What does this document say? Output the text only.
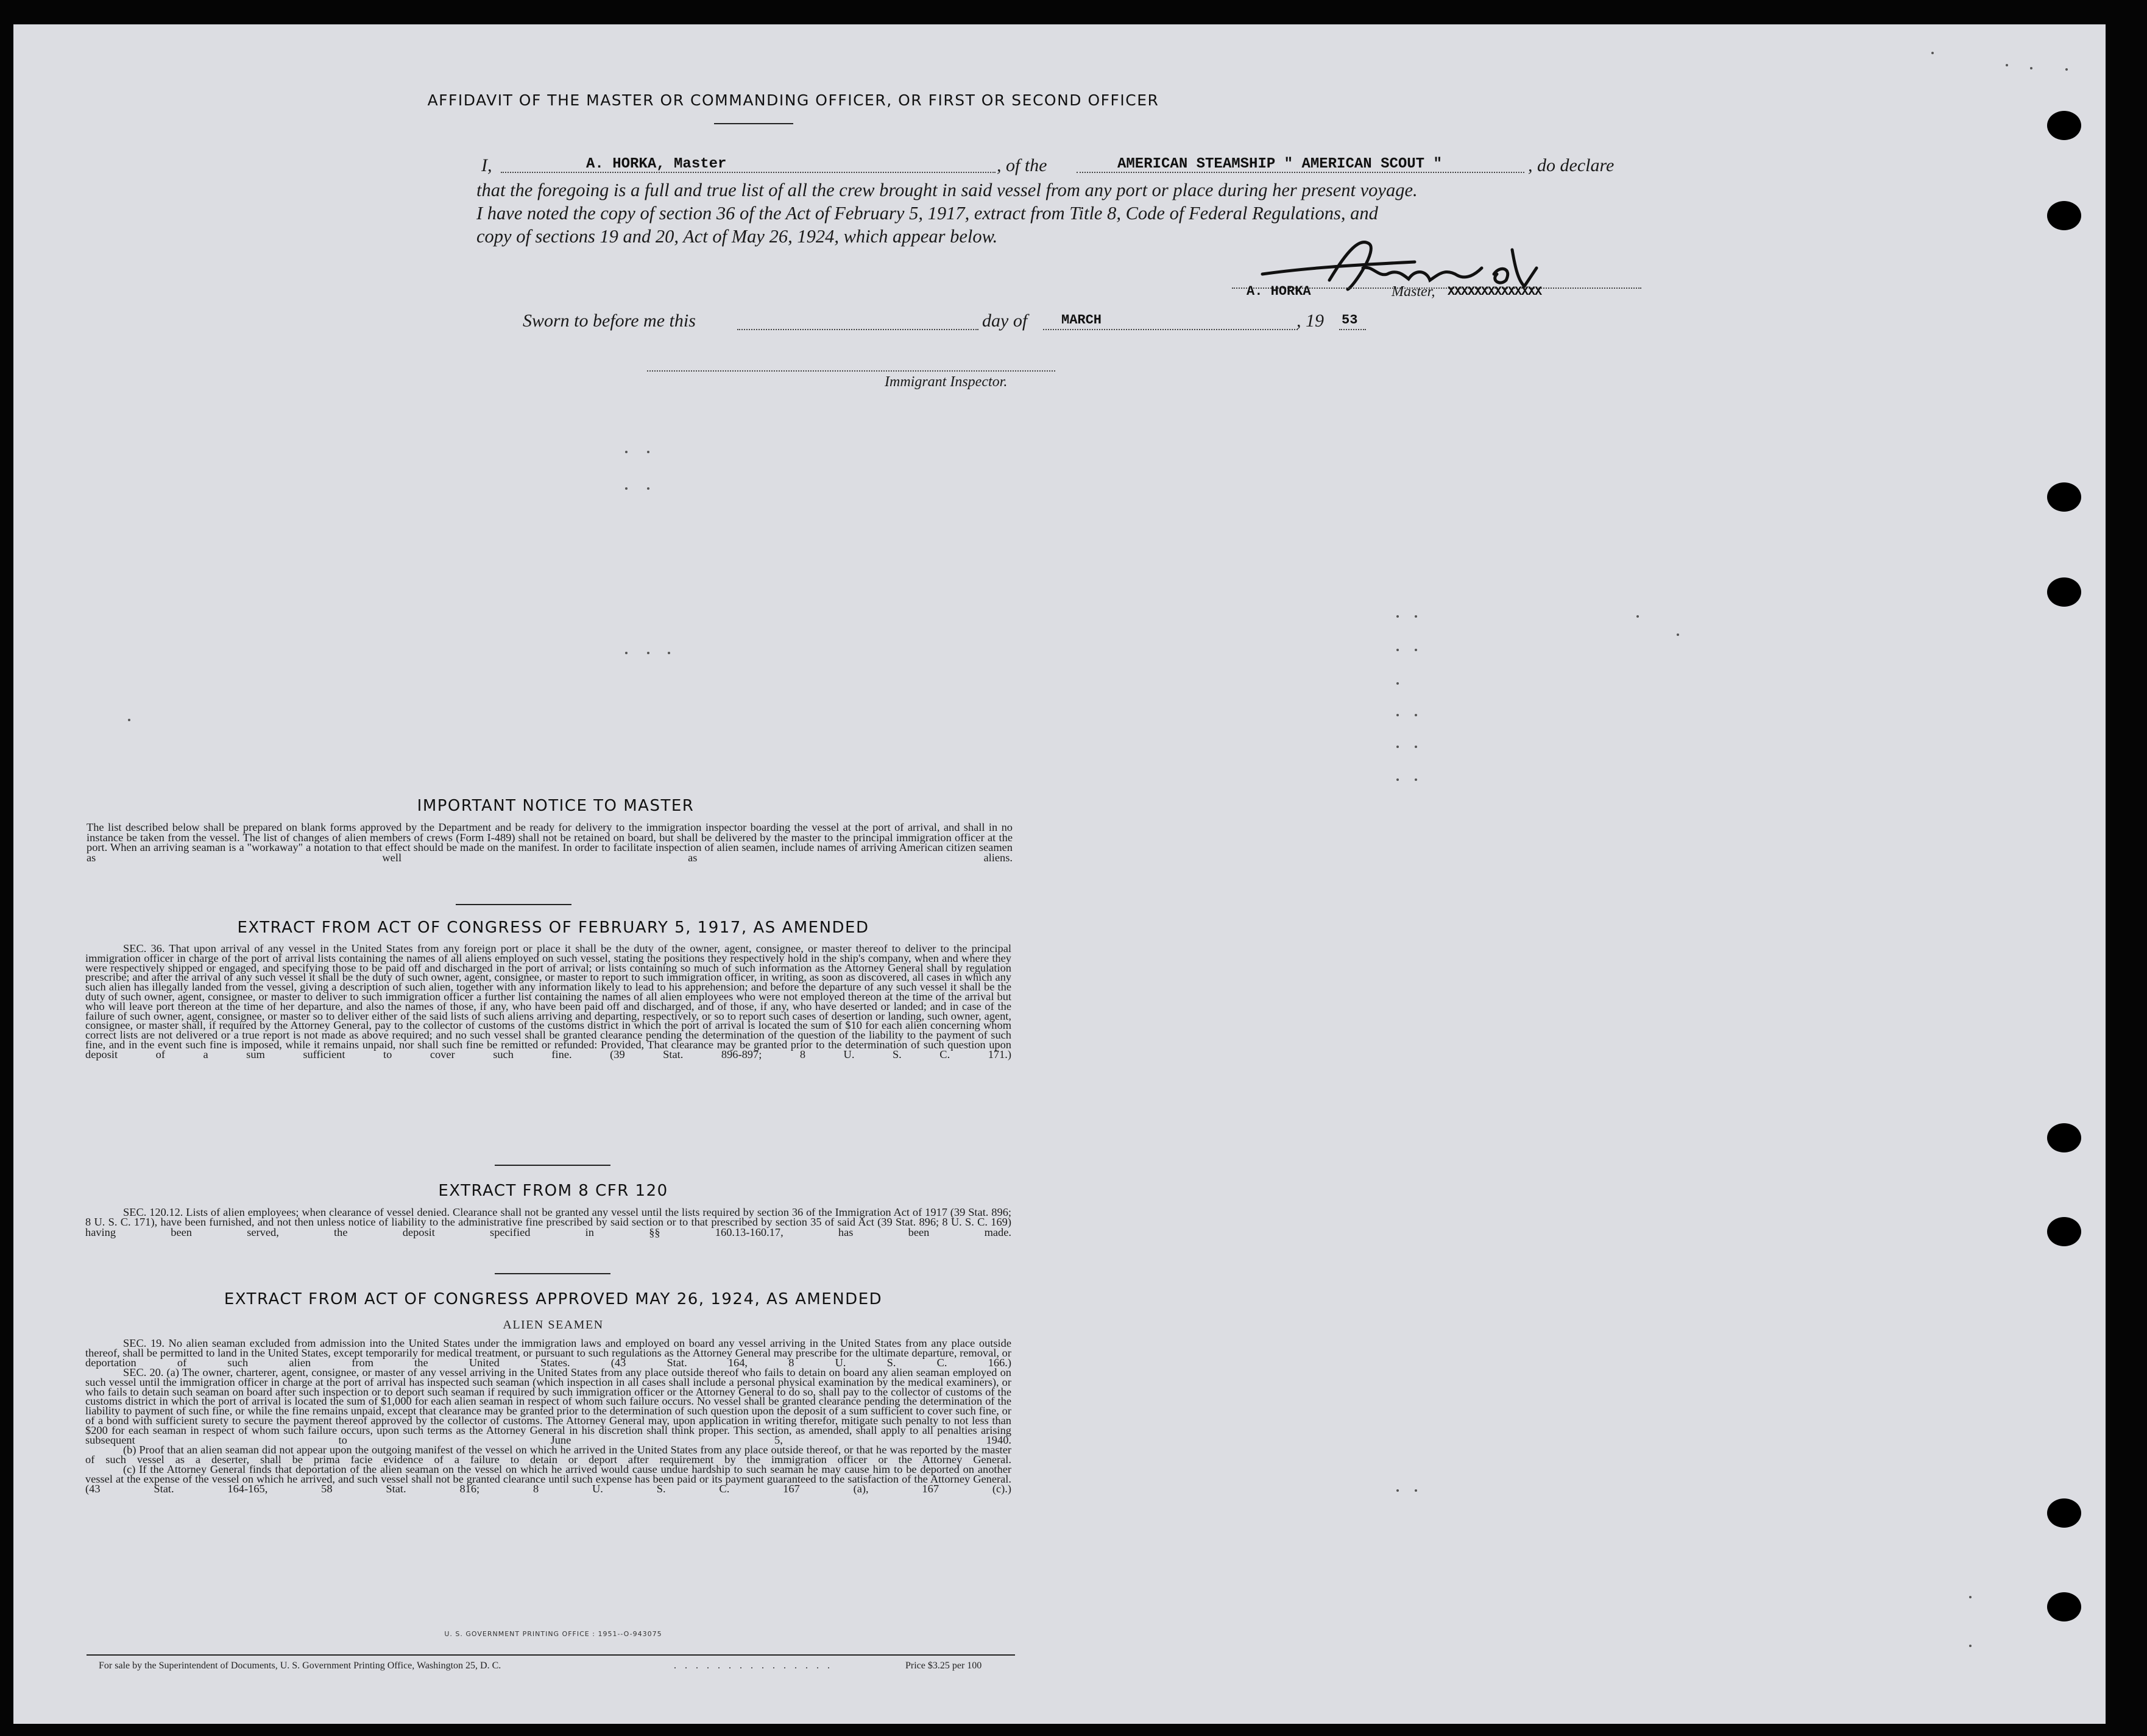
AFFIDAVIT OF THE MASTER OR COMMANDING OFFICER, OR FIRST OR SECOND OFFICER
I,	A. HORKA, Master	, of the	AMERICAN STEAMSHIP " AMERICAN SCOUT "	, do declare
that the foregoing is a full and true list of all the crew brought in said vessel from any port or place during her present voyage.
I have noted the copy of section 36 of the Act of February 5, 1917, extract from Title 8, Code of Federal Regulations, and
copy of sections 19 and 20, Act of May 26, 1924, which appear below.
A. HORKA	Master, XXXXXXXXXXXXXX
Sworn to before me this	day of	MARCH	, 19 53
Immigrant Inspector.
IMPORTANT NOTICE TO MASTER

The list described below shall be prepared on blank forms approved by the Department and be ready for delivery to the immigration inspector boarding the vessel at the port of arrival, and shall in no instance be taken from the vessel. The list of changes of alien members of crews (Form I-489) shall not be retained on board, but shall be delivered by the master to the principal immigration officer at the port. When an arriving seaman is a "workaway" a notation to that effect should be made on the manifest. In order to facilitate inspection of alien seamen, include names of arriving American citizen seamen as well as aliens.

EXTRACT FROM ACT OF CONGRESS OF FEBRUARY 5, 1917, AS AMENDED

SEC. 36. That upon arrival of any vessel in the United States from any foreign port or place it shall be the duty of the owner, agent, consignee, or master thereof to deliver to the principal immigration officer in charge of the port of arrival lists containing the names of all aliens employed on such vessel, stating the positions they respectively hold in the ship's company, when and where they were respectively shipped or engaged, and specifying those to be paid off and discharged in the port of arrival; or lists containing so much of such information as the Attorney General shall by regulation prescribe; and after the arrival of any such vessel it shall be the duty of such owner, agent, consignee, or master to report to such immigration officer, in writing, as soon as discovered, all cases in which any such alien has illegally landed from the vessel, giving a description of such alien, together with any information likely to lead to his apprehension; and before the departure of any such vessel it shall be the duty of such owner, agent, consignee, or master to deliver to such immigration officer a further list containing the names of all alien employees who were not employed thereon at the time of the arrival but who will leave port thereon at the time of her departure, and also the names of those, if any, who have been paid off and discharged, and of those, if any, who have deserted or landed; and in case of the failure of such owner, agent, consignee, or master so to deliver either of the said lists of such aliens arriving and departing, respectively, or so to report such cases of desertion or landing, such owner, agent, consignee, or master shall, if required by the Attorney General, pay to the collector of customs of the customs district in which the port of arrival is located the sum of $10 for each alien concerning whom correct lists are not delivered or a true report is not made as above required; and no such vessel shall be granted clearance pending the determination of the question of the liability to the payment of such fine, and in the event such fine is imposed, while it remains unpaid, nor shall such fine be remitted or refunded: Provided, That clearance may be granted prior to the determination of such question upon deposit of a sum sufficient to cover such fine. (39 Stat. 896-897; 8 U. S. C. 171.)

EXTRACT FROM 8 CFR 120

SEC. 120.12. Lists of alien employees; when clearance of vessel denied. Clearance shall not be granted any vessel until the lists required by section 36 of the Immigration Act of 1917 (39 Stat. 896; 8 U. S. C. 171), have been furnished, and not then unless notice of liability to the administrative fine prescribed by said section or to that prescribed by section 35 of said Act (39 Stat. 896; 8 U. S. C. 169) having been served, the deposit specified in §§ 160.13-160.17, has been made.

EXTRACT FROM ACT OF CONGRESS APPROVED MAY 26, 1924, AS AMENDED
ALIEN SEAMEN

SEC. 19. No alien seaman excluded from admission into the United States under the immigration laws and employed on board any vessel arriving in the United States from any place outside thereof, shall be permitted to land in the United States, except temporarily for medical treatment, or pursuant to such regulations as the Attorney General may prescribe for the ultimate departure, removal, or deportation of such alien from the United States. (43 Stat. 164, 8 U. S. C. 166.)

SEC. 20. (a) The owner, charterer, agent, consignee, or master of any vessel arriving in the United States from any place outside thereof who fails to detain on board any alien seaman employed on such vessel until the immigration officer in charge at the port of arrival has inspected such seaman (which inspection in all cases shall include a personal physical examination by the medical examiners), or who fails to detain such seaman on board after such inspection or to deport such seaman if required by such immigration officer or the Attorney General to do so, shall pay to the collector of customs of the customs district in which the port of arrival is located the sum of $1,000 for each alien seaman in respect of whom such failure occurs. No vessel shall be granted clearance pending the determination of the liability to payment of such fine, or while the fine remains unpaid, except that clearance may be granted prior to the determination of such question upon the deposit of a sum sufficient to cover such fine, or of a bond with sufficient surety to secure the payment thereof approved by the collector of customs. The Attorney General may, upon application in writing therefor, mitigate such penalty to not less than $200 for each seaman in respect of whom such failure occurs, upon such terms as the Attorney General in his discretion shall think proper. This section, as amended, shall apply to all penalties arising subsequent to June 5, 1940.

(b) Proof that an alien seaman did not appear upon the outgoing manifest of the vessel on which he arrived in the United States from any place outside thereof, or that he was reported by the master of such vessel as a deserter, shall be prima facie evidence of a failure to detain or deport after requirement by the immigration officer or the Attorney General.

(c) If the Attorney General finds that deportation of the alien seaman on the vessel on which he arrived would cause undue hardship to such seaman he may cause him to be deported on another vessel at the expense of the vessel on which he arrived, and such vessel shall not be granted clearance until such expense has been paid or its payment guaranteed to the satisfaction of the Attorney General. (43 Stat. 164-165, 58 Stat. 816; 8 U. S. C. 167 (a), 167 (c).)

U. S. GOVERNMENT PRINTING OFFICE : 1951--O-943075
For sale by the Superintendent of Documents, U. S. Government Printing Office, Washington 25, D. C.	...............	Price $3.25 per 100
